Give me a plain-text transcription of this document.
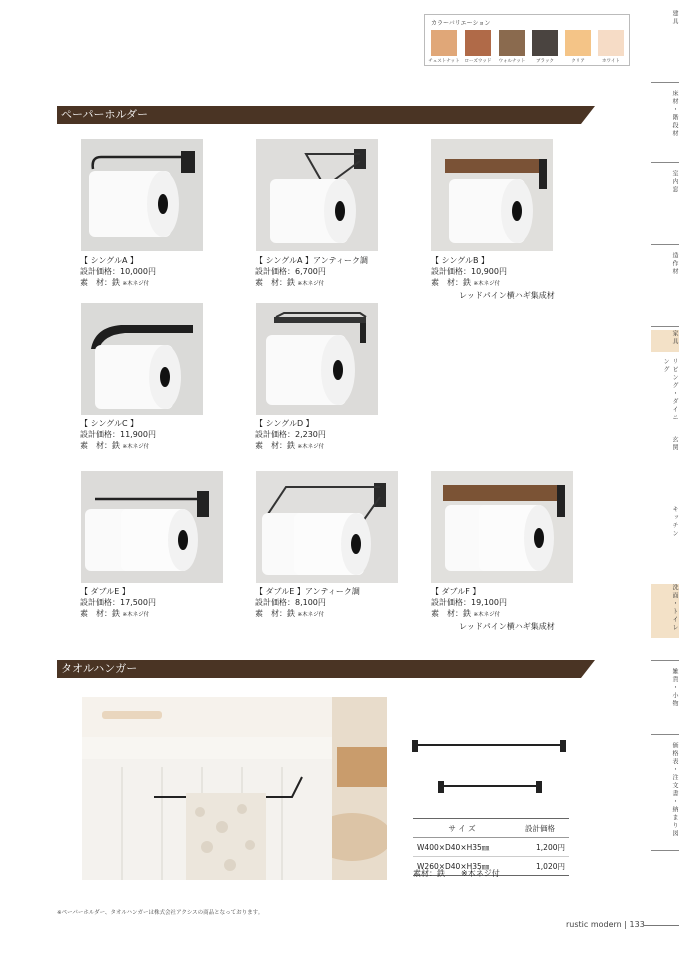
カラーバリエーション
チェストナット	ローズウッド	ウォルナット	ブラック	クリア	ホワイト
ペーパーホルダー
【 シングルA 】
設計価格：10,000円
素　材：鉄 ※木ネジ付
【 シングルA 】アンティーク調
設計価格：6,700円
素　材：鉄 ※木ネジ付
【 シングルB 】
設計価格：10,900円
素　材：鉄 ※木ネジ付
レッドパイン横ハギ集成材
【 シングルC 】
設計価格：11,900円
素　材：鉄 ※木ネジ付
【 シングルD 】
設計価格：2,230円
素　材：鉄 ※木ネジ付
【 ダブルE 】
設計価格：17,500円
素　材：鉄 ※木ネジ付
【 ダブルE 】アンティーク調
設計価格：8,100円
素　材：鉄 ※木ネジ付
【 ダブルF 】
設計価格：19,100円
素　材：鉄 ※木ネジ付
レッドパイン横ハギ集成材
タオルハンガー
サ イ ズ	設計価格
W400×D40×H35㎜	1,200円
W260×D40×H35㎜	1,020円
素材：鉄　　※木ネジ付
※ペーパーホルダー、タオルハンガーは株式会社アクシスの商品となっております。
rustic modern | 133
建具
床材・階段材
室内窓
造作材
家具
リビング・ダイニング
玄関
キッチン
洗面・トイレ
雑貨・小物
価格表・注文書・納まり図
